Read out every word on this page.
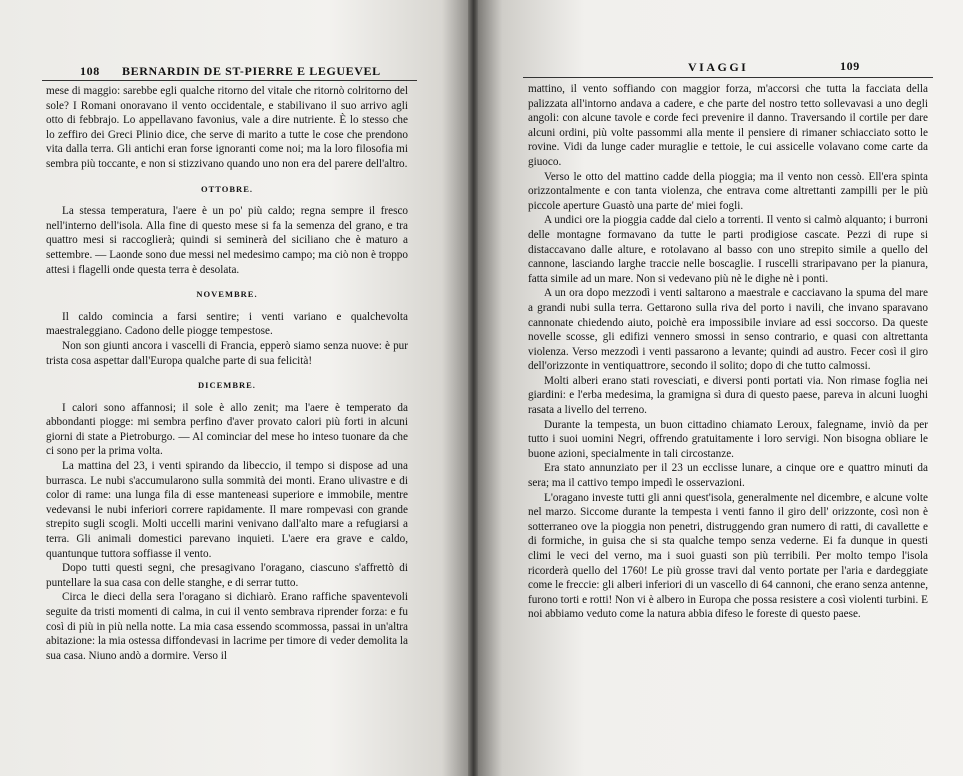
108 BERNARDIN DE ST-PIERRE E LEGUEVEL

mese di maggio: sarebbe egli qualche ritorno del vitale che ritornò colritorno del sole? I Romani onoravano il vento occidentale, e stabilivano il suo arrivo agli otto di febbrajo. Lo appellavano favonius, vale a dire nutriente. È lo stesso che lo zeffiro dei Greci Plinio dice, che serve di marito a tutte le cose che prendono vita dalla terra. Gli antichi eran forse ignoranti come noi; ma la loro filosofia mi sembra più toccante, e non si stizzivano quando uno non era del parere dell'altro.

OTTOBRE.

La stessa temperatura, l'aere è un po' più caldo; regna sempre il fresco nell'interno dell'isola. Alla fine di questo mese si fa la semenza del grano, e tra quattro mesi si raccoglierà; quindi si seminerà del siciliano che è maturo a settembre. — Laonde sono due messi nel medesimo campo; ma ciò non è troppo attesi i flagelli onde questa terra è desolata.

NOVEMBRE.

Il caldo comincia a farsi sentire; i venti variano e qualchevolta maestraleggiano. Cadono delle piogge tempestose.

Non son giunti ancora i vascelli di Francia, epperò siamo senza nuove: è pur trista cosa aspettar dall'Europa qualche parte di sua felicità!

DICEMBRE.

I calori sono affannosi; il sole è allo zenit; ma l'aere è temperato da abbondanti piogge: mi sembra perfino d'aver provato calori più forti in alcuni giorni di state a Pietroburgo. — Al cominciar del mese ho inteso tuonare da che ci sono per la prima volta.

La mattina del 23, i venti spirando da libeccio, il tempo si dispose ad una burrasca. Le nubi s'accumularono sulla sommità dei monti. Erano ulivastre e di color di rame: una lunga fila di esse manteneasi superiore e immobile, mentre vedevansi le nubi inferiori correre rapidamente. Il mare rompevasi con grande strepito sugli scogli. Molti uccelli marini venivano dall'alto mare a refugiarsi a terra. Gli animali domestici parevano inquieti. L'aere era grave e caldo, quantunque tuttora soffiasse il vento.

Dopo tutti questi segni, che presagivano l'oragano, ciascuno s'affrettò di puntellare la sua casa con delle stanghe, e di serrar tutto.

Circa le dieci della sera l'oragano si dichiarò. Erano raffiche spaventevoli seguite da tristi momenti di calma, in cui il vento sembrava riprender forza: e fu così di più in più nella notte. La mia casa essendo scommossa, passai in un'altra abitazione: la mia ostessa diffondevasi in lacrime per timore di veder demolita la sua casa. Niuno andò a dormire. Verso il

VIAGGI	109

mattino, il vento soffiando con maggior forza, m'accorsi che tutta la facciata della palizzata all'intorno andava a cadere, e che parte del nostro tetto sollevavasi a uno degli angoli: con alcune tavole e corde feci prevenire il danno. Traversando il cortile per dare alcuni ordini, più volte passommi alla mente il pensiere di rimaner schiacciato sotto le rovine. Vidi da lunge cader muraglie e tettoie, le cui assicelle volavano come carte da giuoco.

Verso le otto del mattino cadde della pioggia; ma il vento non cessò. Ell'era spinta orizzontalmente e con tanta violenza, che entrava come altrettanti zampilli per le più piccole aperture Guastò una parte de' miei fogli.

A undici ore la pioggia cadde dal cielo a torrenti. Il vento si calmò alquanto; i burroni delle montagne formavano da tutte le parti prodigiose cascate. Pezzi di rupe si distaccavano dalle alture, e rotolavano al basso con uno strepito simile a quello del cannone, lasciando larghe traccie nelle boscaglie. I ruscelli straripavano per la pianura, fatta simile ad un mare. Non si vedevano più nè le dighe nè i ponti.

A un ora dopo mezzodì i venti saltarono a maestrale e cacciavano la spuma del mare a grandi nubi sulla terra. Gettarono sulla riva del porto i navili, che invano sparavano cannonate chiedendo aiuto, poichè era impossibile inviare ad essi soccorso. Da queste novelle scosse, gli edifizi vennero smossi in senso contrario, e quasi con altrettanta violenza. Verso mezzodì i venti passarono a levante; quindi ad austro. Fecer così il giro dell'orizzonte in ventiquattrore, secondo il solito; dopo di che tutto calmossi.

Molti alberi erano stati rovesciati, e diversi ponti portati via. Non rimase foglia nei giardini: e l'erba medesima, la gramigna sì dura di questo paese, pareva in alcuni luoghi rasata a livello del terreno.

Durante la tempesta, un buon cittadino chiamato Leroux, falegname, inviò da per tutto i suoi uomini Negri, offrendo gratuitamente i loro servigi. Non bisogna obliare le buone azioni, specialmente in tali circostanze.

Era stato annunziato per il 23 un ecclisse lunare, a cinque ore e quattro minuti da sera; ma il cattivo tempo impedì le osservazioni.

L'oragano investe tutti gli anni quest'isola, generalmente nel dicembre, e alcune volte nel marzo. Siccome durante la tempesta i venti fanno il giro dell' orizzonte, così non è sotterraneo ove la pioggia non penetri, distruggendo gran numero di ratti, di cavallette e di formiche, in guisa che si sta qualche tempo senza vederne. Ei fa dunque in questi climi le veci del verno, ma i suoi guasti son più terribili. Per molto tempo l'isola ricorderà quello del 1760! Le più grosse travi dal vento portate per l'aria e dardeggiate come le freccie: gli alberi inferiori di un vascello di 64 cannoni, che erano senza antenne, furono torti e rotti! Non vi è albero in Europa che possa resistere a così violenti turbini. E noi abbiamo veduto come la natura abbia difeso le foreste di questo paese.
